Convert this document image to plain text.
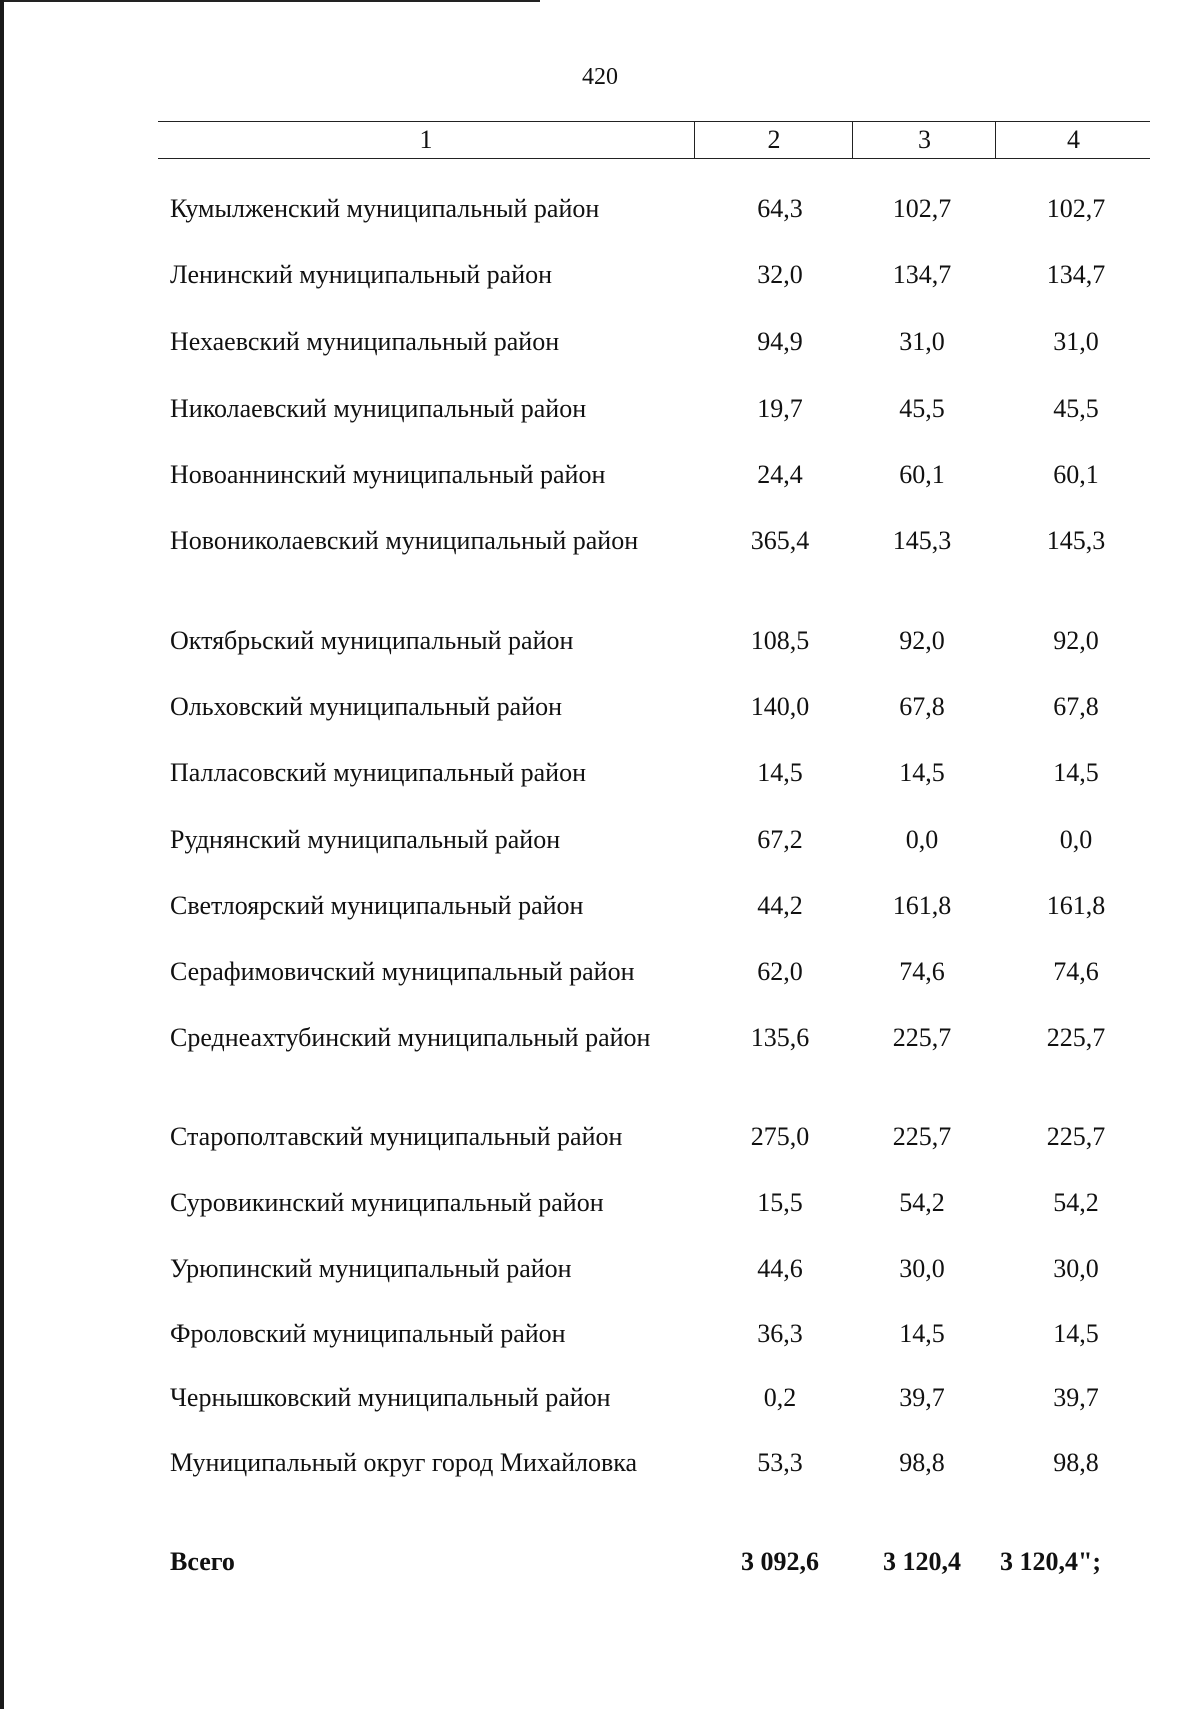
420
1	2	3	4
Кумылженский муниципальный район	64,3	102,7	102,7
Ленинский муниципальный район	32,0	134,7	134,7
Нехаевский муниципальный район	94,9	31,0	31,0
Николаевский муниципальный район	19,7	45,5	45,5
Новоаннинский муниципальный район	24,4	60,1	60,1
Новониколаевский муниципальный район	365,4	145,3	145,3
Октябрьский муниципальный район	108,5	92,0	92,0
Ольховский муниципальный район	140,0	67,8	67,8
Палласовский муниципальный район	14,5	14,5	14,5
Руднянский муниципальный район	67,2	0,0	0,0
Светлоярский муниципальный район	44,2	161,8	161,8
Серафимовичский муниципальный район	62,0	74,6	74,6
Среднеахтубинский муниципальный район	135,6	225,7	225,7
Старополтавский муниципальный район	275,0	225,7	225,7
Суровикинский муниципальный район	15,5	54,2	54,2
Урюпинский муниципальный район	44,6	30,0	30,0
Фроловский муниципальный район	36,3	14,5	14,5
Чернышковский муниципальный район	0,2	39,7	39,7
Муниципальный округ город Михайловка	53,3	98,8	98,8
Всего	3 092,6	3 120,4	3 120,4";
